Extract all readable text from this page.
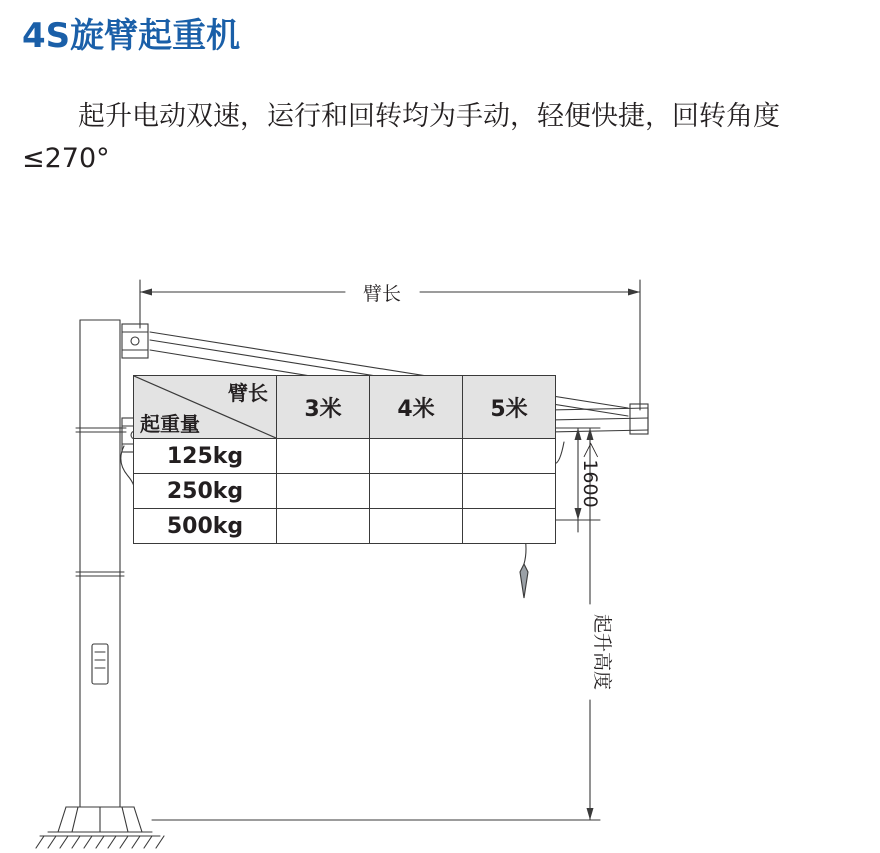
4S旋臂起重机
起升电动双速，运行和回转均为手动，轻便快捷，回转角度≤270°
臂长
＜1600
起升高度
臂长
起重量	3米	4米	5米
125kg			
250kg			
500kg			
